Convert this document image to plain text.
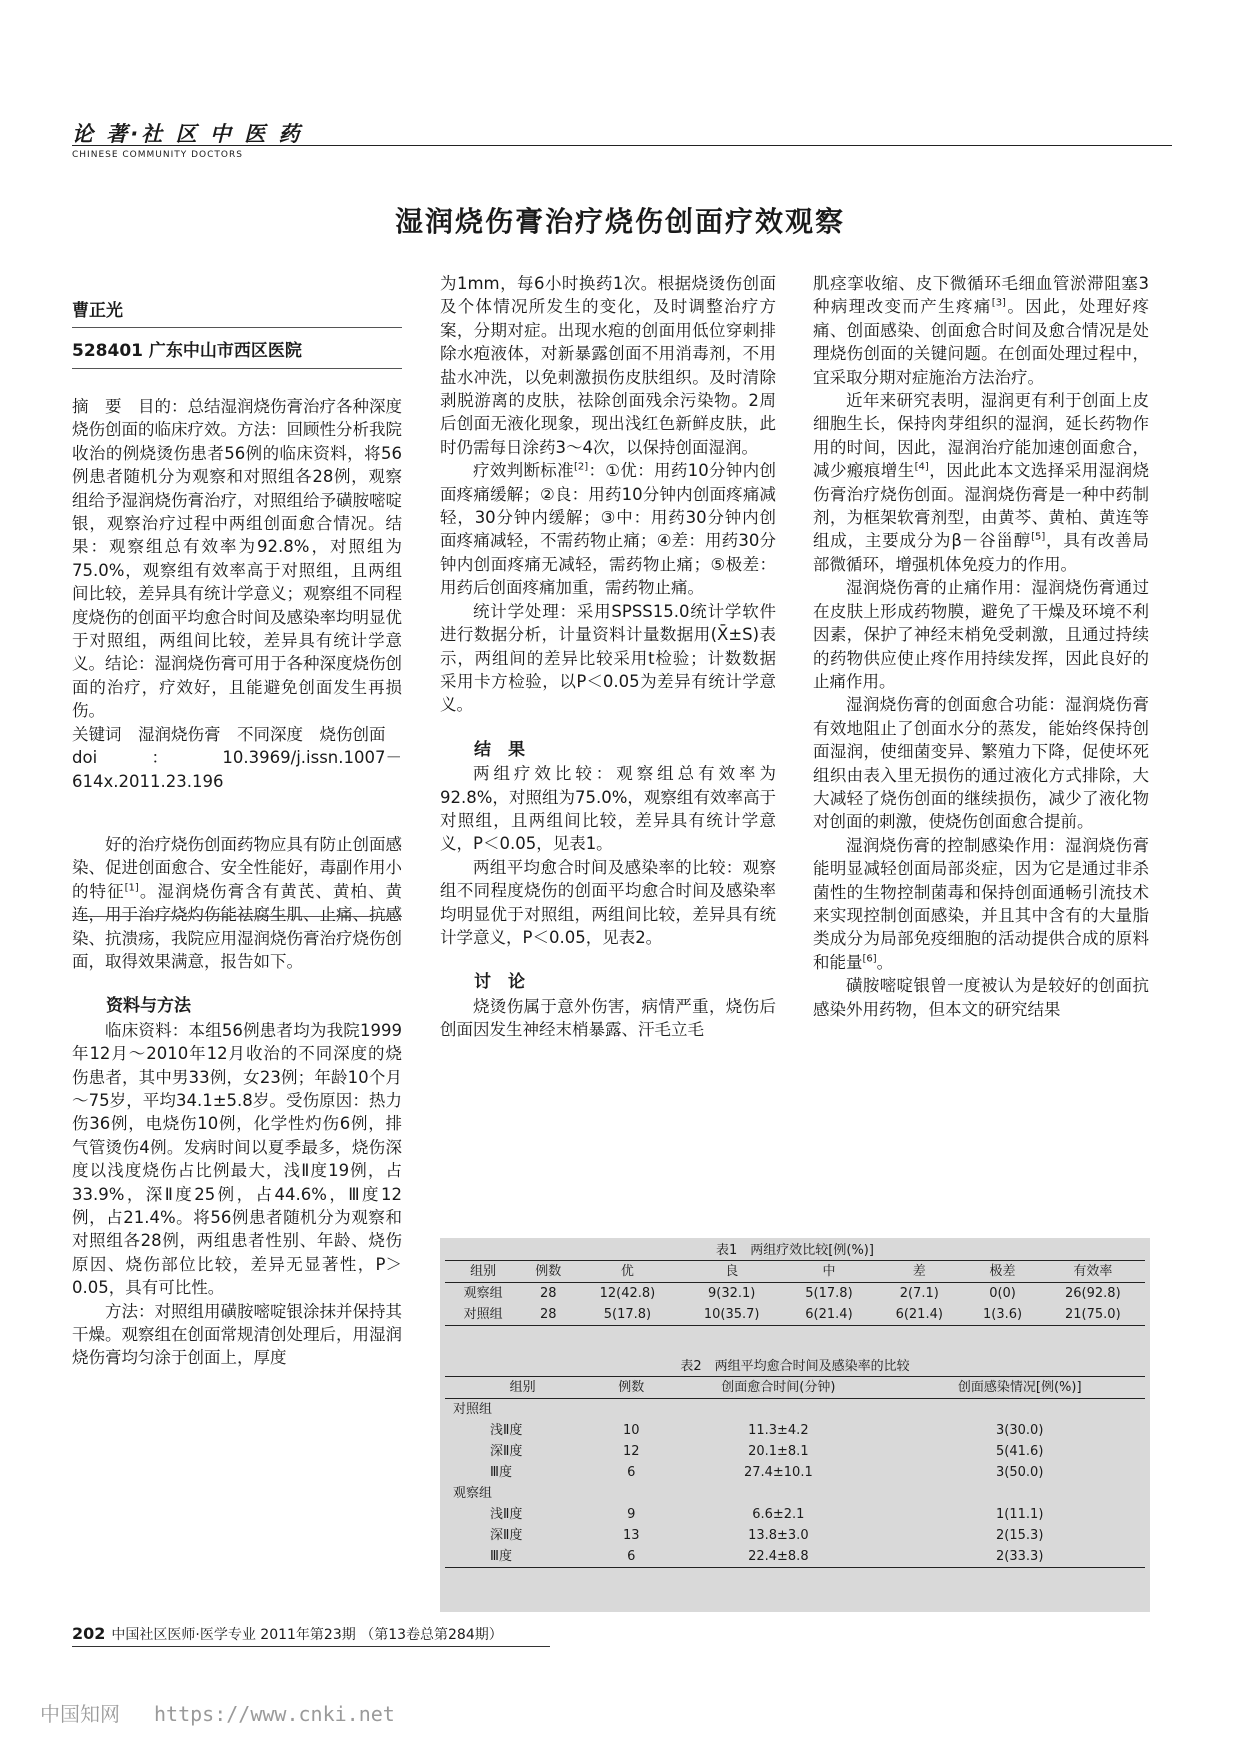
论 著·社 区 中 医 药
CHINESE COMMUNITY DOCTORS
湿润烧伤膏治疗烧伤创面疗效观察
曹正光
528401 广东中山市西区医院

摘　要　目的：总结湿润烧伤膏治疗各种深度烧伤创面的临床疗效。方法：回顾性分析我院收治的例烧烫伤患者56例的临床资料，将56例患者随机分为观察和对照组各28例，观察组给予湿润烧伤膏治疗，对照组给予磺胺嘧啶银，观察治疗过程中两组创面愈合情况。结果：观察组总有效率为92.8%，对照组为75.0%，观察组有效率高于对照组，且两组间比较，差异具有统计学意义；观察组不同程度烧伤的创面平均愈合时间及感染率均明显优于对照组，两组间比较，差异具有统计学意义。结论：湿润烧伤膏可用于各种深度烧伤创面的治疗，疗效好，且能避免创面发生再损伤。

关键词　湿润烧伤膏　不同深度　烧伤创面

doi：10.3969/j.issn.1007－614x.2011.23.196

好的治疗烧伤创面药物应具有防止创面感染、促进创面愈合、安全性能好，毒副作用小的特征[1]。湿润烧伤膏含有黄芪、黄柏、黄连，用于治疗烧灼伤能祛腐生肌、止痛、抗感染、抗溃疡，我院应用湿润烧伤膏治疗烧伤创面，取得效果满意，报告如下。

资料与方法

临床资料：本组56例患者均为我院1999年12月～2010年12月收治的不同深度的烧伤患者，其中男33例，女23例；年龄10个月～75岁，平均34.1±5.8岁。受伤原因：热力伤36例，电烧伤10例，化学性灼伤6例，排气管烫伤4例。发病时间以夏季最多，烧伤深度以浅度烧伤占比例最大，浅Ⅱ度19例，占33.9%，深Ⅱ度25例，占44.6%，Ⅲ度12例，占21.4%。将56例患者随机分为观察和对照组各28例，两组患者性别、年龄、烧伤原因、烧伤部位比较，差异无显著性，P＞0.05，具有可比性。

方法：对照组用磺胺嘧啶银涂抹并保持其干燥。观察组在创面常规清创处理后，用湿润烧伤膏均匀涂于创面上，厚度

为1mm，每6小时换药1次。根据烧烫伤创面及个体情况所发生的变化，及时调整治疗方案，分期对症。出现水疱的创面用低位穿刺排除水疱液体，对新暴露创面不用消毒剂，不用盐水冲洗，以免刺激损伤皮肤组织。及时清除剥脱游离的皮肤，祛除创面残余污染物。2周后创面无液化现象，现出浅红色新鲜皮肤，此时仍需每日涂药3～4次，以保持创面湿润。

疗效判断标准[2]：①优：用药10分钟内创面疼痛缓解；②良：用药10分钟内创面疼痛减轻，30分钟内缓解；③中：用药30分钟内创面疼痛减轻，不需药物止痛；④差：用药30分钟内创面疼痛无减轻，需药物止痛；⑤极差：用药后创面疼痛加重，需药物止痛。

统计学处理：采用SPSS15.0统计学软件进行数据分析，计量资料计量数据用(X̄±S)表示，两组间的差异比较采用t检验；计数数据采用卡方检验，以P＜0.05为差异有统计学意义。

结　果

两组疗效比较：观察组总有效率为92.8%，对照组为75.0%，观察组有效率高于对照组，且两组间比较，差异具有统计学意义，P＜0.05，见表1。

两组平均愈合时间及感染率的比较：观察组不同程度烧伤的创面平均愈合时间及感染率均明显优于对照组，两组间比较，差异具有统计学意义，P＜0.05，见表2。

讨　论

烧烫伤属于意外伤害，病情严重，烧伤后创面因发生神经末梢暴露、汗毛立毛

肌痉挛收缩、皮下微循环毛细血管淤滞阻塞3种病理改变而产生疼痛[3]。因此，处理好疼痛、创面感染、创面愈合时间及愈合情况是处理烧伤创面的关键问题。在创面处理过程中，宜采取分期对症施治方法治疗。

近年来研究表明，湿润更有利于创面上皮细胞生长，保持肉芽组织的湿润，延长药物作用的时间，因此，湿润治疗能加速创面愈合，减少瘢痕增生[4]，因此此本文选择采用湿润烧伤膏治疗烧伤创面。湿润烧伤膏是一种中药制剂，为框架软膏剂型，由黄芩、黄柏、黄连等组成，主要成分为β－谷甾醇[5]，具有改善局部微循环，增强机体免疫力的作用。

湿润烧伤膏的止痛作用：湿润烧伤膏通过在皮肤上形成药物膜，避免了干燥及环境不利因素，保护了神经末梢免受刺激，且通过持续的药物供应使止疼作用持续发挥，因此良好的止痛作用。

湿润烧伤膏的创面愈合功能：湿润烧伤膏有效地阻止了创面水分的蒸发，能始终保持创面湿润，使细菌变异、繁殖力下降，促使坏死组织由表入里无损伤的通过液化方式排除，大大减轻了烧伤创面的继续损伤，减少了液化物对创面的刺激，使烧伤创面愈合提前。

湿润烧伤膏的控制感染作用：湿润烧伤膏能明显减轻创面局部炎症，因为它是通过非杀菌性的生物控制菌毒和保持创面通畅引流技术来实现控制创面感染，并且其中含有的大量脂类成分为局部免疫细胞的活动提供合成的原料和能量[6]。

磺胺嘧啶银曾一度被认为是较好的创面抗感染外用药物，但本文的研究结果

表1　两组疗效比较[例(%)]
组别	例数	优	良	中	差	极差	有效率
观察组	28	12(42.8)	9(32.1)	5(17.8)	2(7.1)	0(0)	26(92.8)
对照组	28	5(17.8)	10(35.7)	6(21.4)	6(21.4)	1(3.6)	21(75.0)
表2　两组平均愈合时间及感染率的比较
组别	例数	创面愈合时间(分钟)	创面感染情况[例(%)]
对照组			
浅Ⅱ度	10	11.3±4.2	3(30.0)
深Ⅱ度	12	20.1±8.1	5(41.6)
Ⅲ度	6	27.4±10.1	3(50.0)
观察组			
浅Ⅱ度	9	6.6±2.1	1(11.1)
深Ⅱ度	13	13.8±3.0	2(15.3)
Ⅲ度	6	22.4±8.8	2(33.3)
202 中国社区医师·医学专业 2011年第23期 （第13卷总第284期）
中国知网 https://www.cnki.net
